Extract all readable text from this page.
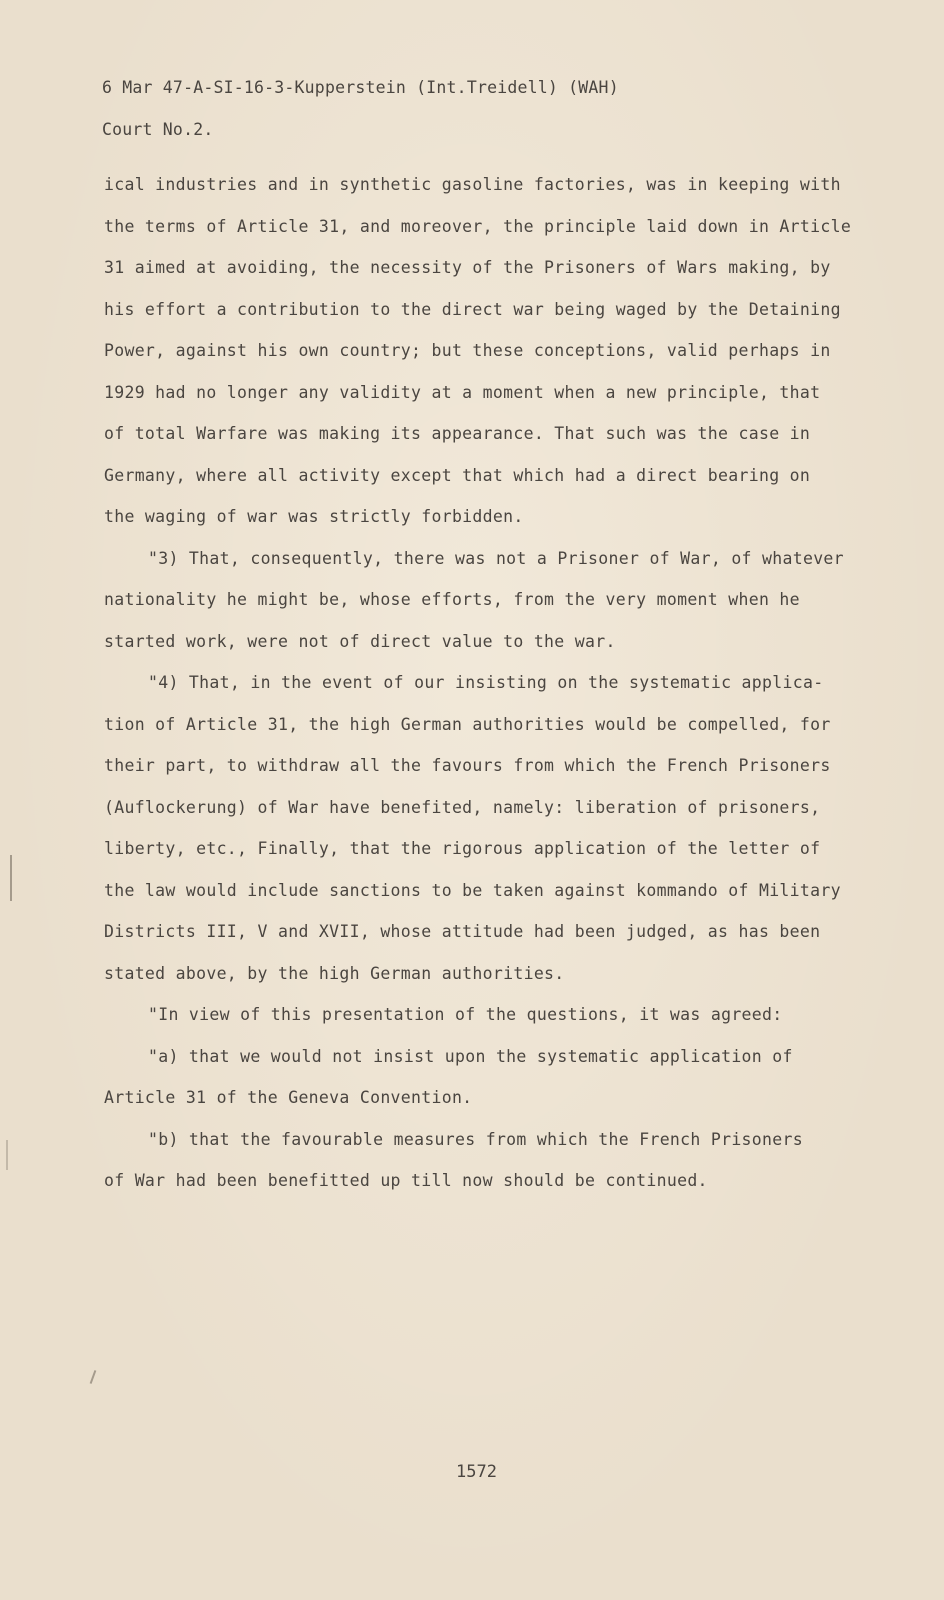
6 Mar 47-A-SI-16-3-Kupperstein (Int.Treidell) (WAH)
Court No.2.
ical industries and in synthetic gasoline factories, was in keeping with
the terms of Article 31, and moreover, the principle laid down in Article
31 aimed at avoiding, the necessity of the Prisoners of Wars making, by
his effort a contribution to the direct war being waged by the Detaining
Power, against his own country; but these conceptions, valid perhaps in
1929 had no longer any validity at a moment when a new principle, that
of total Warfare was making its appearance. That such was the case in
Germany, where all activity except that which had a direct bearing on
the waging of war was strictly forbidden.
"3) That, consequently, there was not a Prisoner of War, of whatever
nationality he might be, whose efforts, from the very moment when he
started work, were not of direct value to the war.
"4) That, in the event of our insisting on the systematic applica-
tion of Article 31, the high German authorities would be compelled, for
their part, to withdraw all the favours from which the French Prisoners
(Auflockerung) of War have benefited, namely: liberation of prisoners,
liberty, etc., Finally, that the rigorous application of the letter of
the law would include sanctions to be taken against kommando of Military
Districts III, V and XVII, whose attitude had been judged, as has been
stated above, by the high German authorities.
"In view of this presentation of the questions, it was agreed:
"a) that we would not insist upon the systematic application of
Article 31 of the Geneva Convention.
"b) that the favourable measures from which the French Prisoners
of War had been benefitted up till now should be continued.
1572
